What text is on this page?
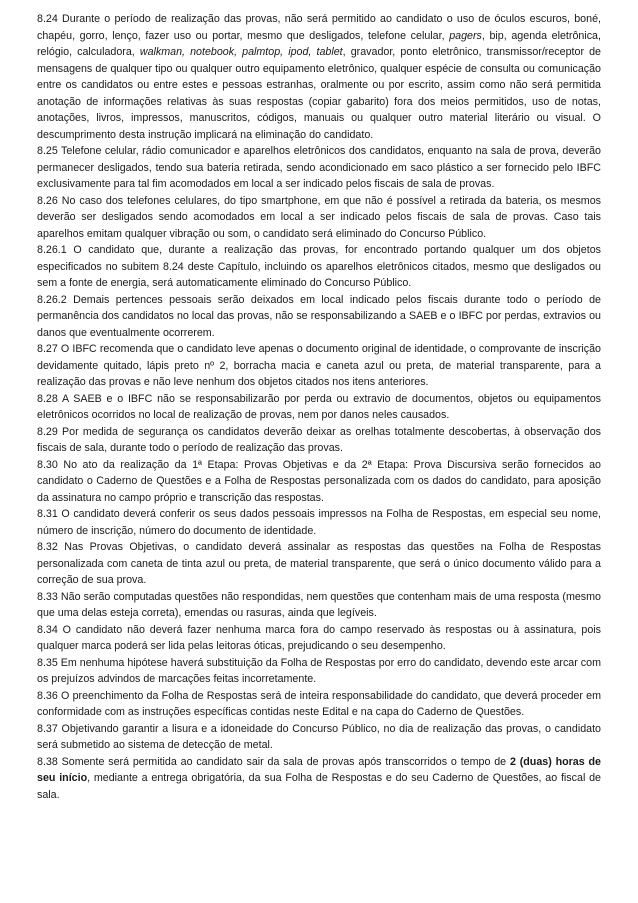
8.24 Durante o período de realização das provas, não será permitido ao candidato o uso de óculos escuros, boné, chapéu, gorro, lenço, fazer uso ou portar, mesmo que desligados, telefone celular, pagers, bip, agenda eletrônica, relógio, calculadora, walkman, notebook, palmtop, ipod, tablet, gravador, ponto eletrônico, transmissor/receptor de mensagens de qualquer tipo ou qualquer outro equipamento eletrônico, qualquer espécie de consulta ou comunicação entre os candidatos ou entre estes e pessoas estranhas, oralmente ou por escrito, assim como não será permitida anotação de informações relativas às suas respostas (copiar gabarito) fora dos meios permitidos, uso de notas, anotações, livros, impressos, manuscritos, códigos, manuais ou qualquer outro material literário ou visual. O descumprimento desta instrução implicará na eliminação do candidato.

8.25 Telefone celular, rádio comunicador e aparelhos eletrônicos dos candidatos, enquanto na sala de prova, deverão permanecer desligados, tendo sua bateria retirada, sendo acondicionado em saco plástico a ser fornecido pelo IBFC exclusivamente para tal fim acomodados em local a ser indicado pelos fiscais de sala de provas.

8.26 No caso dos telefones celulares, do tipo smartphone, em que não é possível a retirada da bateria, os mesmos deverão ser desligados sendo acomodados em local a ser indicado pelos fiscais de sala de provas. Caso tais aparelhos emitam qualquer vibração ou som, o candidato será eliminado do Concurso Público.

8.26.1 O candidato que, durante a realização das provas, for encontrado portando qualquer um dos objetos especificados no subitem 8.24 deste Capítulo, incluindo os aparelhos eletrônicos citados, mesmo que desligados ou sem a fonte de energia, será automaticamente eliminado do Concurso Público.

8.26.2 Demais pertences pessoais serão deixados em local indicado pelos fiscais durante todo o período de permanência dos candidatos no local das provas, não se responsabilizando a SAEB e o IBFC por perdas, extravios ou danos que eventualmente ocorrerem.

8.27 O IBFC recomenda que o candidato leve apenas o documento original de identidade, o comprovante de inscrição devidamente quitado, lápis preto nº 2, borracha macia e caneta azul ou preta, de material transparente, para a realização das provas e não leve nenhum dos objetos citados nos itens anteriores.

8.28 A SAEB e o IBFC não se responsabilizarão por perda ou extravio de documentos, objetos ou equipamentos eletrônicos ocorridos no local de realização de provas, nem por danos neles causados.

8.29 Por medida de segurança os candidatos deverão deixar as orelhas totalmente descobertas, à observação dos fiscais de sala, durante todo o período de realização das provas.

8.30 No ato da realização da 1ª Etapa: Provas Objetivas e da 2ª Etapa: Prova Discursiva serão fornecidos ao candidato o Caderno de Questões e a Folha de Respostas personalizada com os dados do candidato, para aposição da assinatura no campo próprio e transcrição das respostas.

8.31 O candidato deverá conferir os seus dados pessoais impressos na Folha de Respostas, em especial seu nome, número de inscrição, número do documento de identidade.

8.32 Nas Provas Objetivas, o candidato deverá assinalar as respostas das questões na Folha de Respostas personalizada com caneta de tinta azul ou preta, de material transparente, que será o único documento válido para a correção de sua prova.

8.33 Não serão computadas questões não respondidas, nem questões que contenham mais de uma resposta (mesmo que uma delas esteja correta), emendas ou rasuras, ainda que legíveis.

8.34 O candidato não deverá fazer nenhuma marca fora do campo reservado às respostas ou à assinatura, pois qualquer marca poderá ser lida pelas leitoras óticas, prejudicando o seu desempenho.

8.35 Em nenhuma hipótese haverá substituição da Folha de Respostas por erro do candidato, devendo este arcar com os prejuízos advindos de marcações feitas incorretamente.

8.36 O preenchimento da Folha de Respostas será de inteira responsabilidade do candidato, que deverá proceder em conformidade com as instruções específicas contidas neste Edital e na capa do Caderno de Questões.

8.37 Objetivando garantir a lisura e a idoneidade do Concurso Público, no dia de realização das provas, o candidato será submetido ao sistema de detecção de metal.

8.38 Somente será permitida ao candidato sair da sala de provas após transcorridos o tempo de 2 (duas) horas de seu início, mediante a entrega obrigatória, da sua Folha de Respostas e do seu Caderno de Questões, ao fiscal de sala.
